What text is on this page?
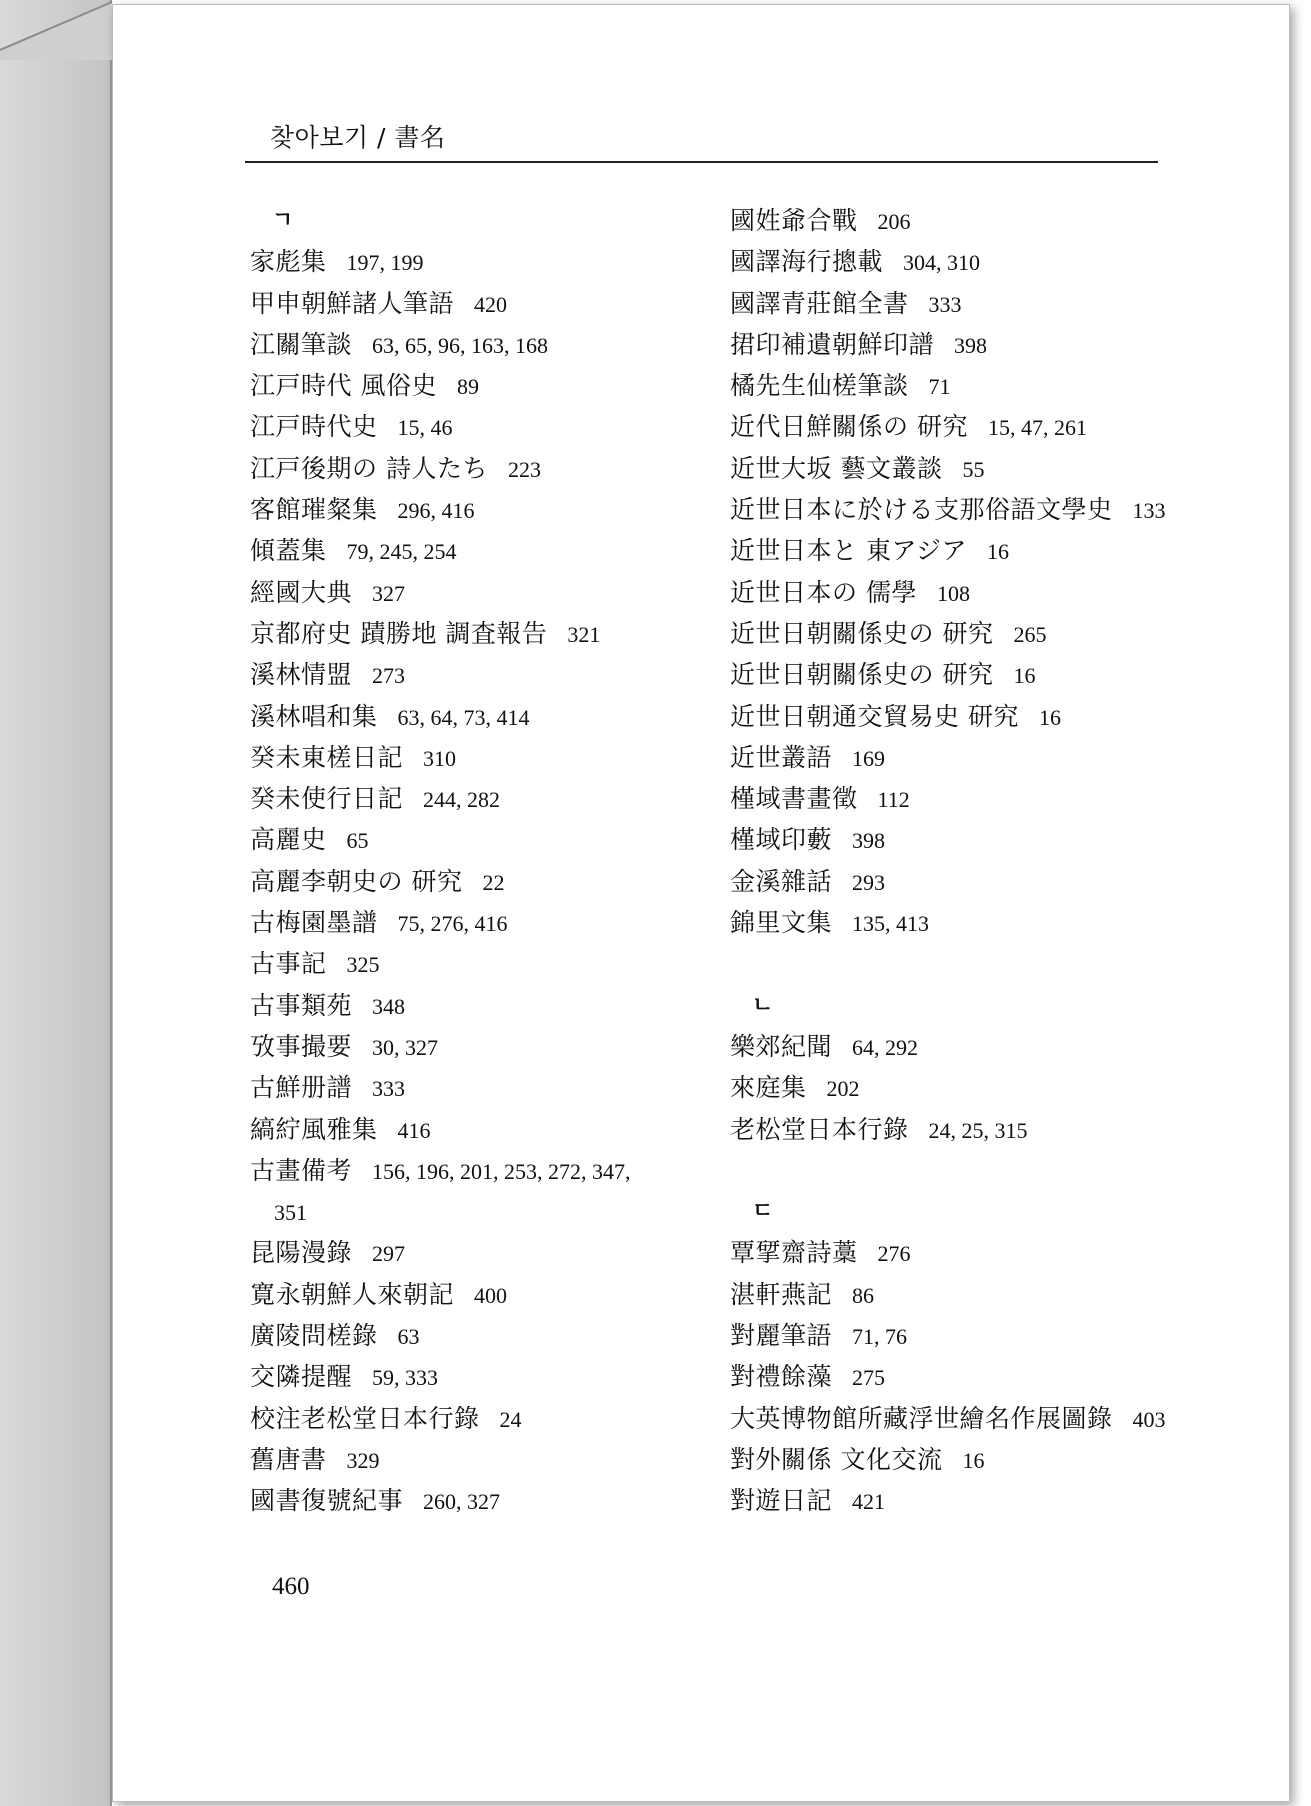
찾아보기 / 書名
ㄱ
家彪集 197, 199
甲申朝鮮諸人筆語 420
江關筆談 63, 65, 96, 163, 168
江戸時代 風俗史 89
江戸時代史 15, 46
江戸後期の 詩人たち 223
客館璀粲集 296, 416
傾蓋集 79, 245, 254
經國大典 327
京都府史 蹟勝地 調査報告 321
溪林情盟 273
溪林唱和集 63, 64, 73, 414
癸未東槎日記 310
癸未使行日記 244, 282
高麗史 65
高麗李朝史の 研究 22
古梅園墨譜 75, 276, 416
古事記 325
古事類苑 348
攷事撮要 30, 327
古鮮册譜 333
縞紵風雅集 416
古畫備考 156, 196, 201, 253, 272, 347,
351
昆陽漫錄 297
寛永朝鮮人來朝記 400
廣陵問槎錄 63
交隣提醒 59, 333
校注老松堂日本行錄 24
舊唐書 329
國書復號紀事 260, 327
國姓爺合戰 206
國譯海行摠載 304, 310
國譯青莊館全書 333
捃印補遺朝鮮印譜 398
橘先生仙槎筆談 71
近代日鮮關係の 研究 15, 47, 261
近世大坂 藝文叢談 55
近世日本に於ける支那俗語文學史 133
近世日本と 東アジア 16
近世日本の 儒學 108
近世日朝關係史の 研究 265
近世日朝關係史の 研究 16
近世日朝通交貿易史 研究 16
近世叢語 169
槿域書畫徵 112
槿域印藪 398
金溪雜話 293
錦里文集 135, 413
ㄴ
樂郊紀聞 64, 292
來庭集 202
老松堂日本行錄 24, 25, 315
ㄷ
覃揅齋詩藁 276
湛軒燕記 86
對麗筆語 71, 76
對禮餘藻 275
大英博物館所藏浮世繪名作展圖錄 403
對外關係 文化交流 16
對遊日記 421
460
